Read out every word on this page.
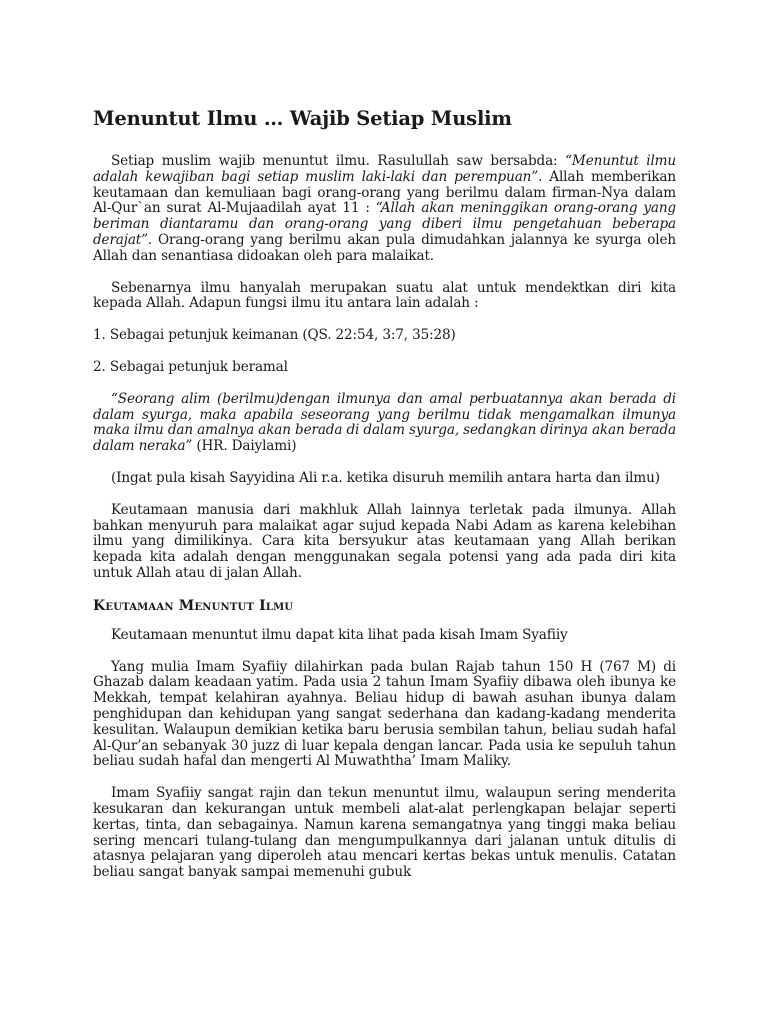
Menuntut Ilmu … Wajib Setiap Muslim

Setiap muslim wajib menuntut ilmu. Rasulullah saw bersabda: “Menuntut ilmu adalah kewajiban bagi setiap muslim laki-laki dan perempuan”. Allah memberikan keutamaan dan kemuliaan bagi orang-orang yang berilmu dalam firman-Nya dalam Al-Qur`an surat Al-Mujaadilah ayat 11 : “Allah akan meninggikan orang-orang yang beriman diantaramu dan orang-orang yang diberi ilmu pengetahuan beberapa derajat”. Orang-orang yang berilmu akan pula dimudahkan jalannya ke syurga oleh Allah dan senantiasa didoakan oleh para malaikat.

Sebenarnya ilmu hanyalah merupakan suatu alat untuk mendektkan diri kita kepada Allah. Adapun fungsi ilmu itu antara lain adalah :

1. Sebagai petunjuk keimanan (QS. 22:54, 3:7, 35:28)

2. Sebagai petunjuk beramal

“Seorang alim (berilmu)dengan ilmunya dan amal perbuatannya akan berada di dalam syurga, maka apabila seseorang yang berilmu tidak mengamalkan ilmunya maka ilmu dan amalnya akan berada di dalam syurga, sedangkan dirinya akan berada dalam neraka” (HR. Daiylami)

(Ingat pula kisah Sayyidina Ali r.a. ketika disuruh memilih antara harta dan ilmu)

Keutamaan manusia dari makhluk Allah lainnya terletak pada ilmunya. Allah bahkan menyuruh para malaikat agar sujud kepada Nabi Adam as karena kelebihan ilmu yang dimilikinya. Cara kita bersyukur atas keutamaan yang Allah berikan kepada kita adalah dengan menggunakan segala potensi yang ada pada diri kita untuk Allah atau di jalan Allah.

Keutamaan Menuntut Ilmu

Keutamaan menuntut ilmu dapat kita lihat pada kisah Imam Syafiiy

Yang mulia Imam Syafiiy dilahirkan pada bulan Rajab tahun 150 H (767 M) di Ghazab dalam keadaan yatim. Pada usia 2 tahun Imam Syafiiy dibawa oleh ibunya ke Mekkah, tempat kelahiran ayahnya. Beliau hidup di bawah asuhan ibunya dalam penghidupan dan kehidupan yang sangat sederhana dan kadang-kadang menderita kesulitan. Walaupun demikian ketika baru berusia sembilan tahun, beliau sudah hafal Al-Qur’an sebanyak 30 juzz di luar kepala dengan lancar. Pada usia ke sepuluh tahun beliau sudah hafal dan mengerti Al Muwaththa’ Imam Maliky.

Imam Syafiiy sangat rajin dan tekun menuntut ilmu, walaupun sering menderita kesukaran dan kekurangan untuk membeli alat-alat perlengkapan belajar seperti kertas, tinta, dan sebagainya. Namun karena semangatnya yang tinggi maka beliau sering mencari tulang-tulang dan mengumpulkannya dari jalanan untuk ditulis di atasnya pelajaran yang diperoleh atau mencari kertas bekas untuk menulis. Catatan beliau sangat banyak sampai memenuhi gubuk
